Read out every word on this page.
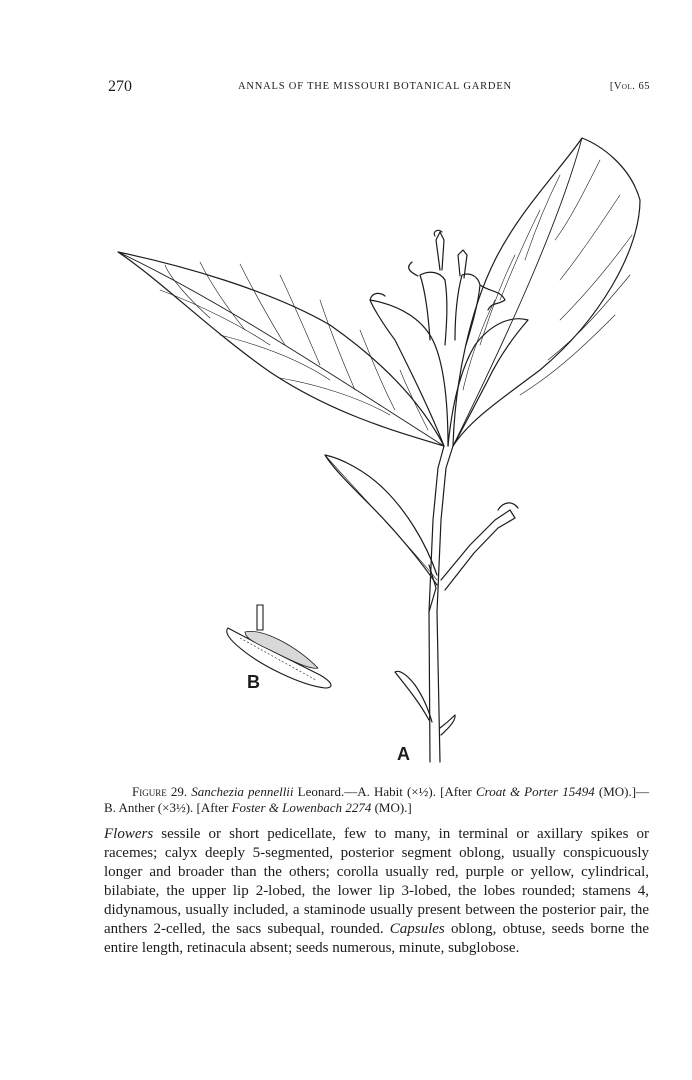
270	ANNALS OF THE MISSOURI BOTANICAL GARDEN	[Vol. 65
A
B
Figure 29. Sanchezia pennellii Leonard.—A. Habit (×½). [After Croat & Porter 15494 (MO).]—B. Anther (×3½). [After Foster & Lowenbach 2274 (MO).]
Flowers sessile or short pedicellate, few to many, in terminal or axillary spikes or racemes; calyx deeply 5-segmented, posterior segment oblong, usually conspicuously longer and broader than the others; corolla usually red, purple or yellow, cylindrical, bilabiate, the upper lip 2-lobed, the lower lip 3-lobed, the lobes rounded; stamens 4, didynamous, usually included, a staminode usually present between the posterior pair, the anthers 2-celled, the sacs subequal, rounded. Capsules oblong, obtuse, seeds borne the entire length, retinacula absent; seeds numerous, minute, subglobose.
